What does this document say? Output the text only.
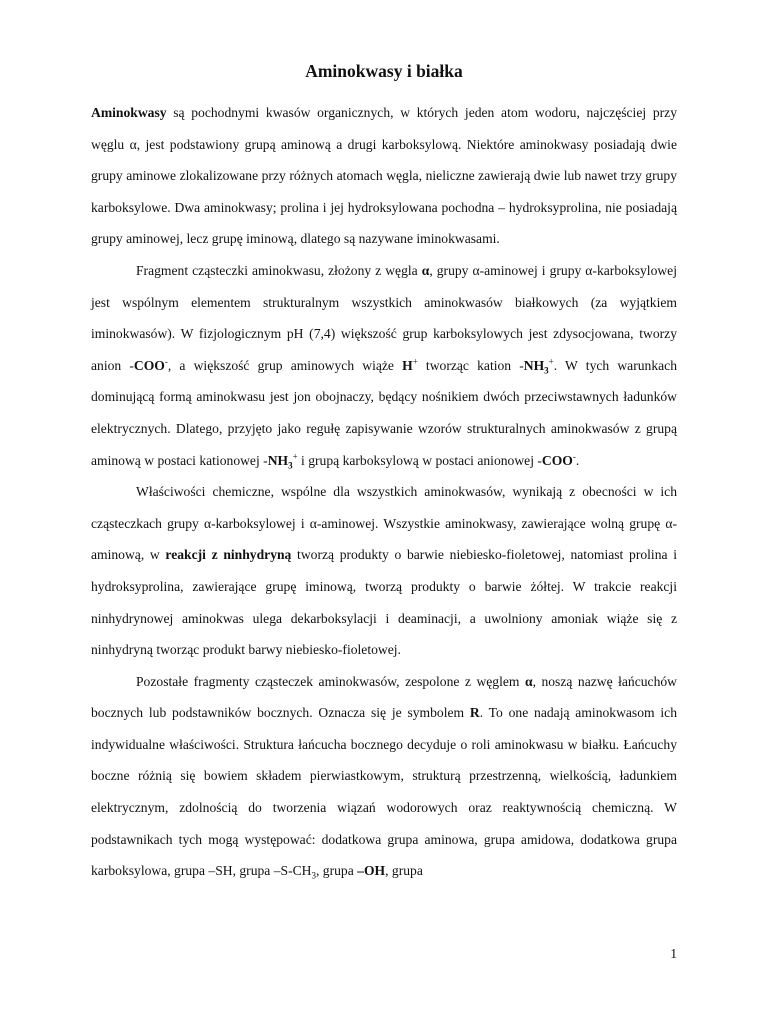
Aminokwasy i białka

Aminokwasy są pochodnymi kwasów organicznych, w których jeden atom wodoru, najczęściej przy węglu α, jest podstawiony grupą aminową a drugi karboksylową. Niektóre aminokwasy posiadają dwie grupy aminowe zlokalizowane przy różnych atomach węgla, nieliczne zawierają dwie lub nawet trzy grupy karboksylowe. Dwa aminokwasy; prolina i jej hydroksylowana pochodna – hydroksyprolina, nie posiadają grupy aminowej, lecz grupę iminową, dlatego są nazywane iminokwasami.

Fragment cząsteczki aminokwasu, złożony z węgla α, grupy α-aminowej i grupy α-karboksylowej jest wspólnym elementem strukturalnym wszystkich aminokwasów białkowych (za wyjątkiem iminokwasów). W fizjologicznym pH (7,4) większość grup karboksylowych jest zdysocjowana, tworzy anion -COO-, a większość grup aminowych wiąże H+ tworząc kation $-NH_3^+$. W tych warunkach dominującą formą aminokwasu jest jon obojnaczy, będący nośnikiem dwóch przeciwstawnych ładunków elektrycznych. Dlatego, przyjęto jako regułę zapisywanie wzorów strukturalnych aminokwasów z grupą aminową w postaci kationowej $-NH_3^+$ i grupą karboksylową w postaci anionowej -COO-.

Właściwości chemiczne, wspólne dla wszystkich aminokwasów, wynikają z obecności w ich cząsteczkach grupy α-karboksylowej i α-aminowej. Wszystkie aminokwasy, zawierające wolną grupę α-aminową, w reakcji z ninhydryną tworzą produkty o barwie niebiesko-fioletowej, natomiast prolina i hydroksyprolina, zawierające grupę iminową, tworzą produkty o barwie żółtej. W trakcie reakcji ninhydrynowej aminokwas ulega dekarboksylacji i deaminacji, a uwolniony amoniak wiąże się z ninhydryną tworząc produkt barwy niebiesko-fioletowej.

Pozostałe fragmenty cząsteczek aminokwasów, zespolone z węglem α, noszą nazwę łańcuchów bocznych lub podstawników bocznych. Oznacza się je symbolem R. To one nadają aminokwasom ich indywidualne właściwości. Struktura łańcucha bocznego decyduje o roli aminokwasu w białku. Łańcuchy boczne różnią się bowiem składem pierwiastkowym, strukturą przestrzenną, wielkością, ładunkiem elektrycznym, zdolnością do tworzenia wiązań wodorowych oraz reaktywnością chemiczną. W podstawnikach tych mogą występować: dodatkowa grupa aminowa, grupa amidowa, dodatkowa grupa karboksylowa, grupa –SH, grupa $-S-CH_3$, grupa –OH, grupa

1
